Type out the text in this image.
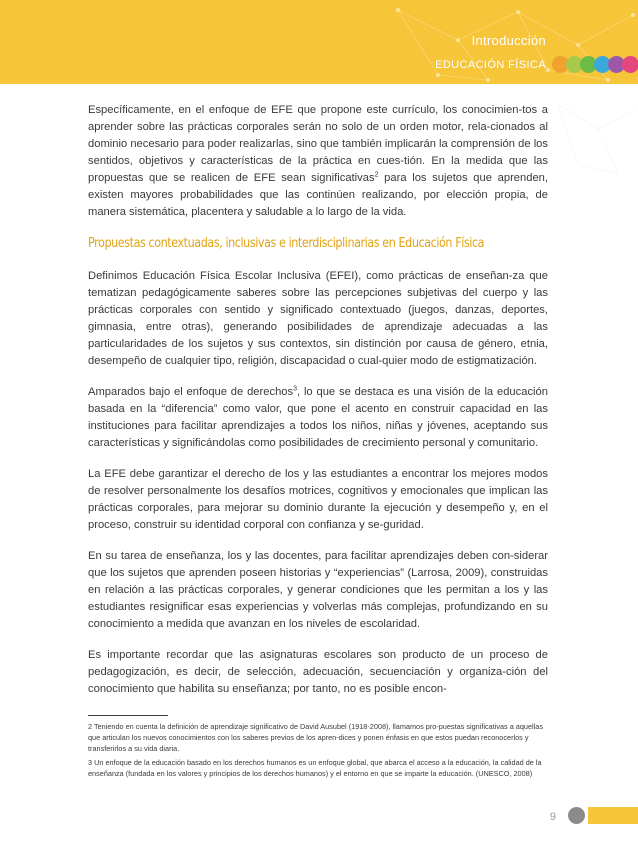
Introducción
EDUCACIÓN FÍSICA

Específicamente, en el enfoque de EFE que propone este currículo, los conocimien-tos a aprender sobre las prácticas corporales serán no solo de un orden motor, rela-cionados al dominio necesario para poder realizarlas, sino que también implicarán la comprensión de los sentidos, objetivos y características de la práctica en cues-tión. En la medida que las propuestas que se realicen de EFE sean significativas$^2$ para los sujetos que aprenden, existen mayores probabilidades que las continúen realizando, por elección propia, de manera sistemática, placentera y saludable a lo largo de la vida.

Propuestas contextuadas, inclusivas e interdisciplinarias en Educación Física

Definimos Educación Física Escolar Inclusiva (EFEI), como prácticas de enseñan-za que tematizan pedagógicamente saberes sobre las percepciones subjetivas del cuerpo y las prácticas corporales con sentido y significado contextuado (juegos, danzas, deportes, gimnasia, entre otras), generando posibilidades de aprendizaje adecuadas a las particularidades de los sujetos y sus contextos, sin distinción por causa de género, etnia, desempeño de cualquier tipo, religión, discapacidad o cual-quier modo de estigmatización.

Amparados bajo el enfoque de derechos$^3$, lo que se destaca es una visión de la educación basada en la “diferencia” como valor, que pone el acento en construir capacidad en las instituciones para facilitar aprendizajes a todos los niños, niñas y jóvenes, aceptando sus características y significándolas como posibilidades de crecimiento personal y comunitario.

La EFE debe garantizar el derecho de los y las estudiantes a encontrar los mejores modos de resolver personalmente los desafíos motrices, cognitivos y emocionales que implican las prácticas corporales, para mejorar su dominio durante la ejecución y desempeño y, en el proceso, construir su identidad corporal con confianza y se-guridad.

En su tarea de enseñanza, los y las docentes, para facilitar aprendizajes deben con-siderar que los sujetos que aprenden poseen historias y “experiencias” (Larrosa, 2009), construidas en relación a las prácticas corporales, y generar condiciones que les permitan a los y las estudiantes resignificar esas experiencias y volverlas más complejas, profundizando en su conocimiento a medida que avanzan en los niveles de escolaridad.

Es importante recordar que las asignaturas escolares son producto de un proceso de pedagogización, es decir, de selección, adecuación, secuenciación y organiza-ción del conocimiento que habilita su enseñanza; por tanto, no es posible encon-

2 Teniendo en cuenta la definición de aprendizaje significativo de David Ausubel (1918-2008), llamamos pro-puestas significativas a aquellas que articulan los nuevos conocimientos con los saberes previos de los apren-dices y ponen énfasis en que estos puedan reconocerlos y transferirlos a su vida diaria.

3 Un enfoque de la educación basado en los derechos humanos es un enfoque global, que abarca el acceso a la educación, la calidad de la enseñanza (fundada en los valores y principios de los derechos humanos) y el entorno en que se imparte la educación. (UNESCO, 2008)

9
